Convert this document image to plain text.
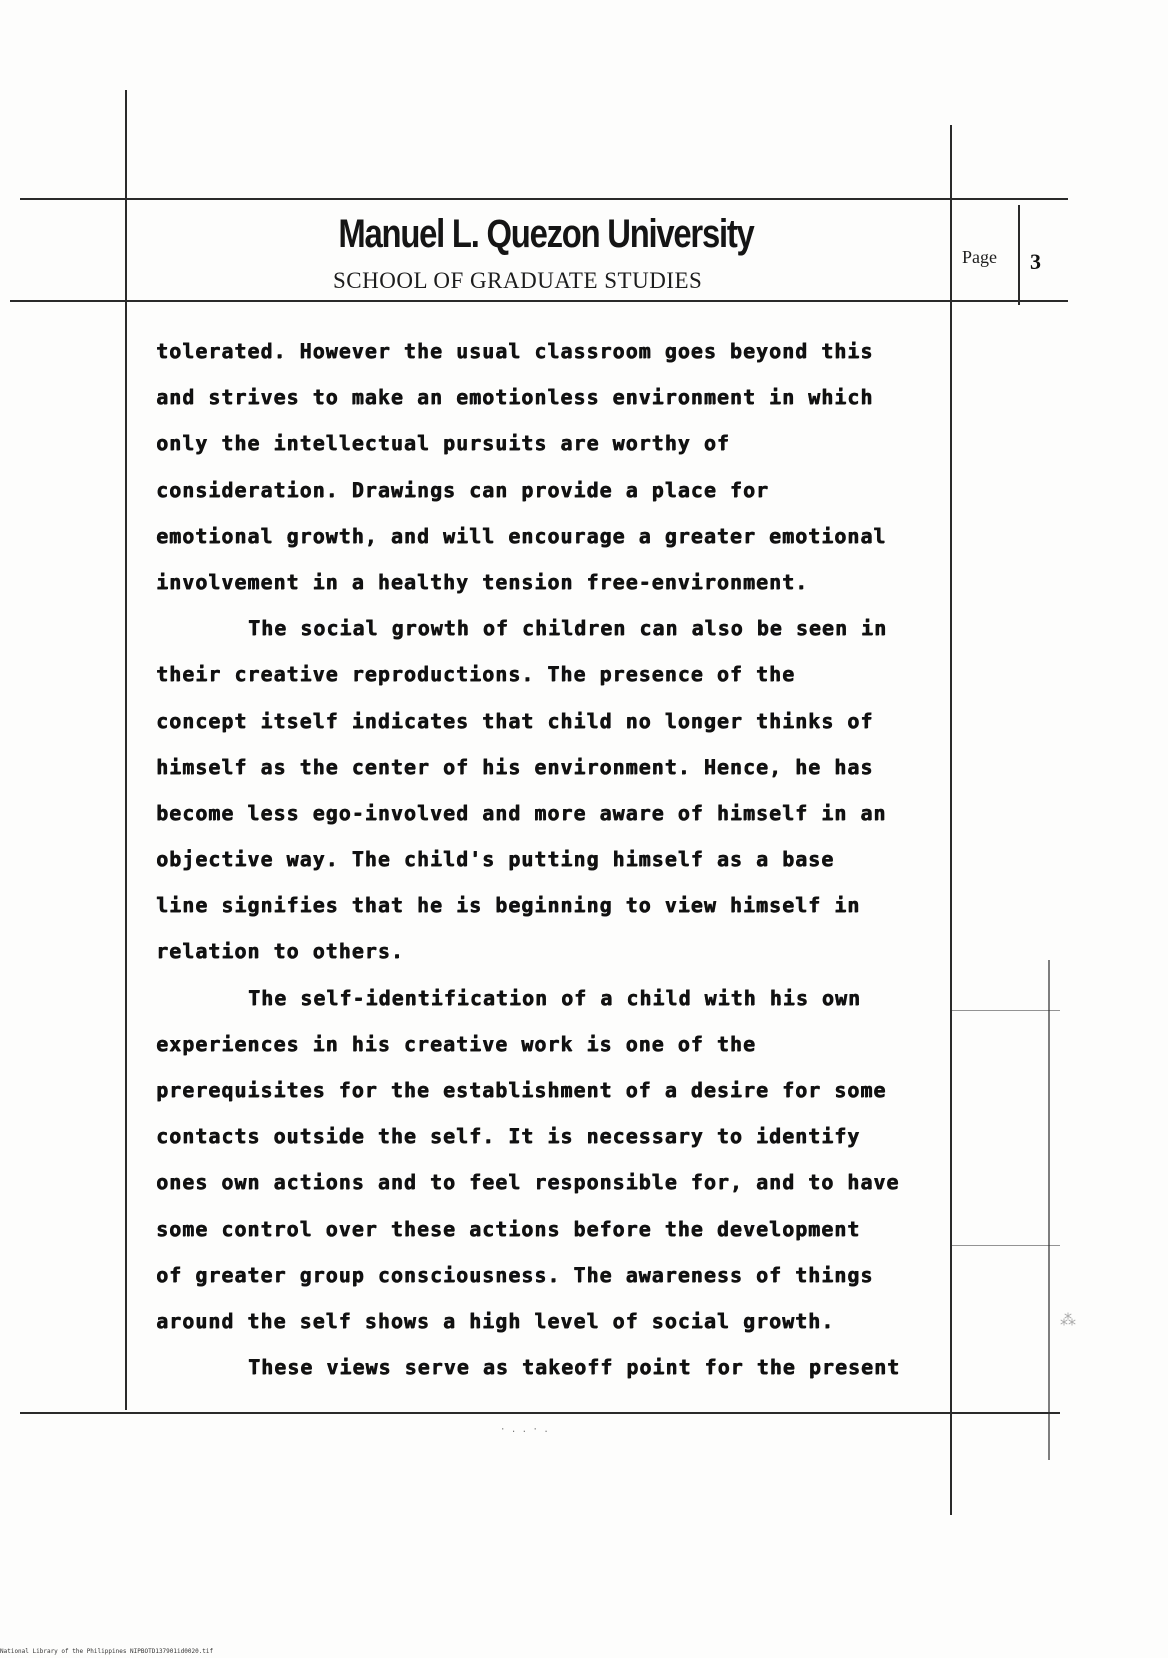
Manuel L. Quezon University
SCHOOL OF GRADUATE STUDIES
Page 3
tolerated. However the usual classroom goes beyond this
and strives to make an emotionless environment in which
only the intellectual pursuits are worthy of
consideration. Drawings can provide a place for
emotional growth, and will encourage a greater emotional
involvement in a healthy tension free-environment.
The social growth of children can also be seen in
their creative reproductions. The presence of the
concept itself indicates that child no longer thinks of
himself as the center of his environment. Hence, he has
become less ego-involved and more aware of himself in an
objective way. The child's putting himself as a base
line signifies that he is beginning to view himself in
relation to others.
The self-identification of a child with his own
experiences in his creative work is one of the
prerequisites for the establishment of a desire for some
contacts outside the self. It is necessary to identify
ones own actions and to feel responsible for, and to have
some control over these actions before the development
of greater group consciousness. The awareness of things
around the self shows a high level of social growth.
These views serve as takeoff point for the present
· . . · .
⁂
National Library of the Philippines NIPBOTD137901id0020.tif
